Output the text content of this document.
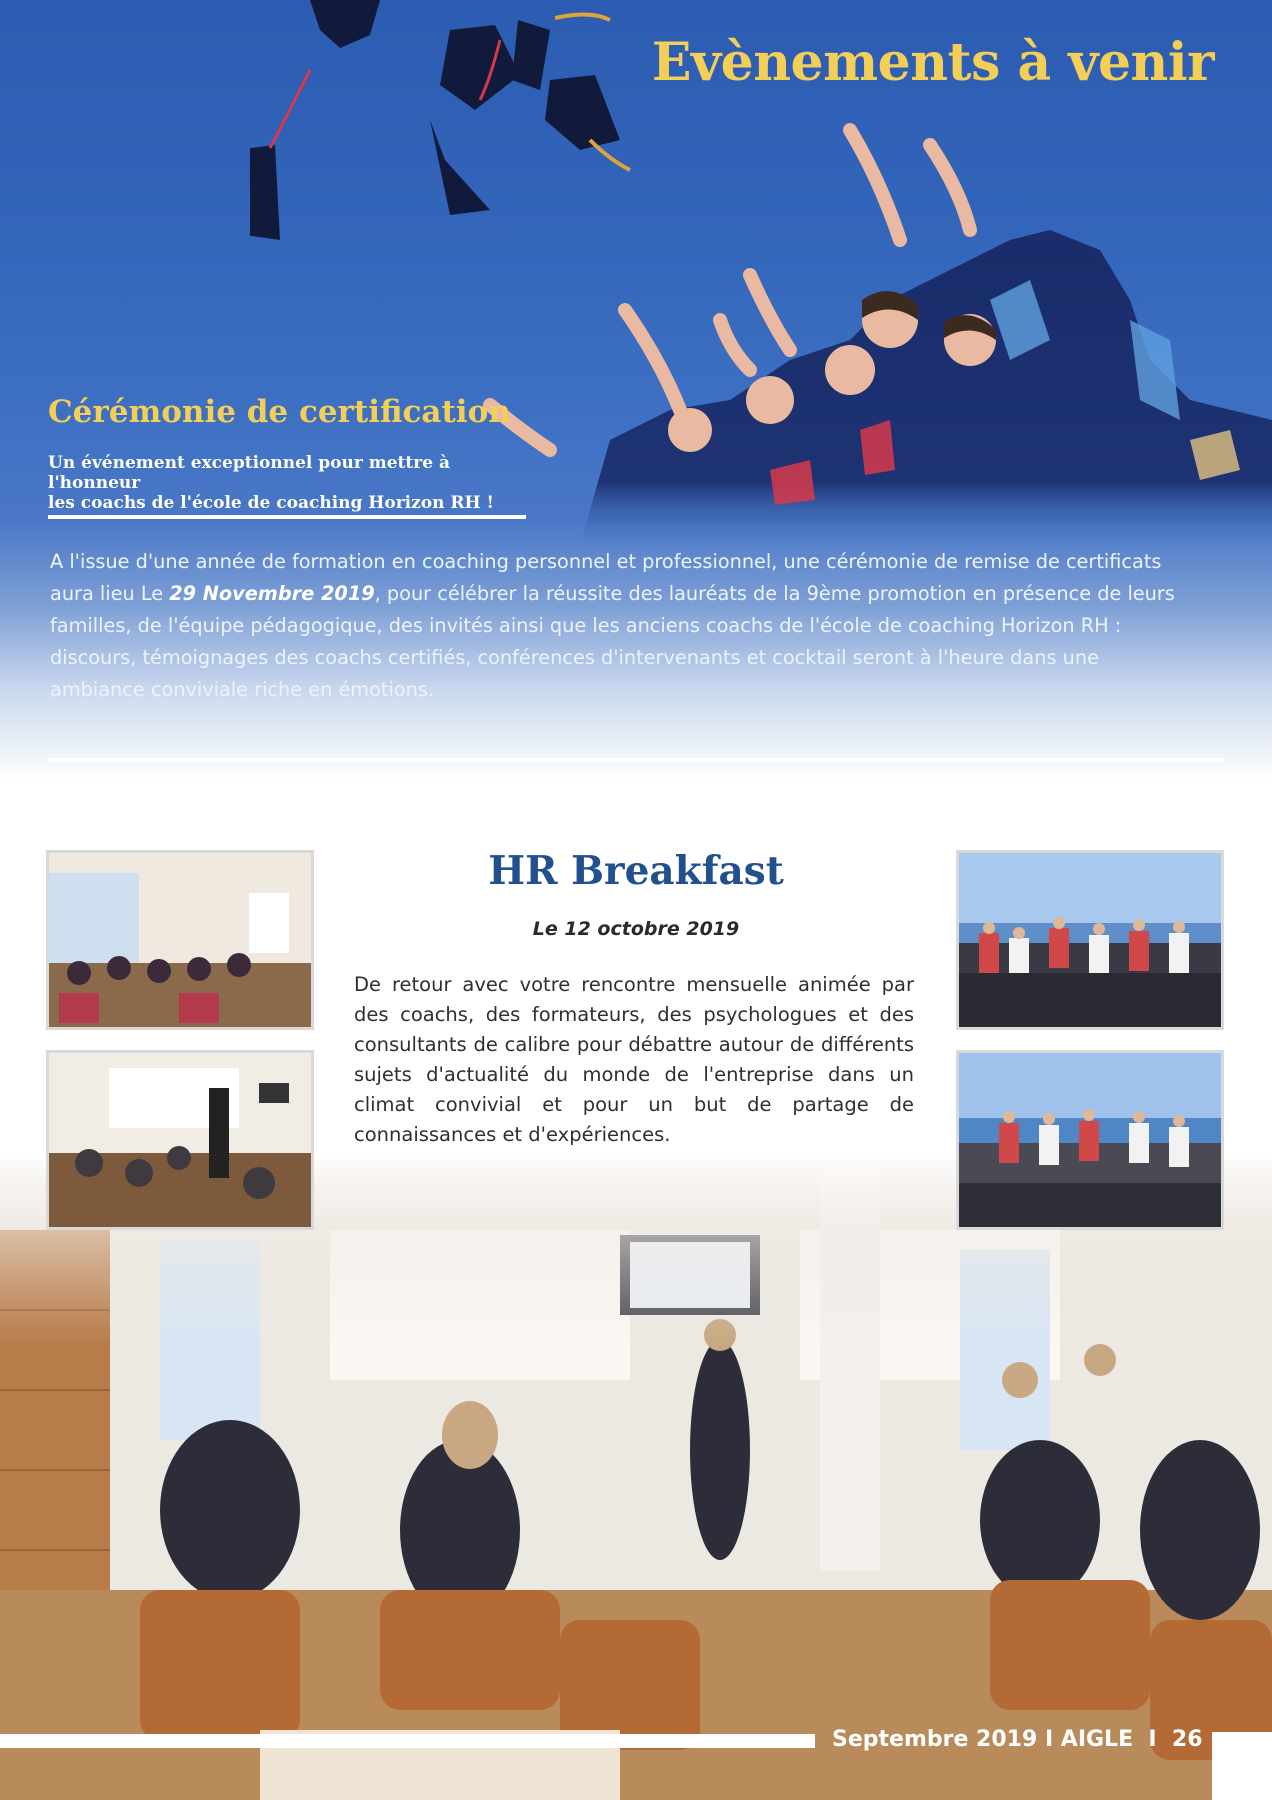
Evènements à venir
Cérémonie de certification

Un événement exceptionnel pour mettre à l'honneur
les coachs de l'école de coaching Horizon RH !

A l'issue d'une année de formation en coaching personnel et professionnel, une cérémonie de remise de certificats aura lieu Le 29 Novembre 2019, pour célébrer la réussite des lauréats de la 9ème promotion en présence de leurs familles, de l'équipe pédagogique, des invités ainsi que les anciens coachs de l'école de coaching Horizon RH : discours, témoignages des coachs certifiés, conférences d'intervenants et cocktail seront à l'heure dans une ambiance conviviale riche en émotions.

HR Breakfast

Le 12 octobre 2019

De retour avec votre rencontre mensuelle animée par des coachs, des formateurs, des psychologues et des consultants de calibre pour débattre autour de différents sujets d'actualité du monde de l'entreprise dans un climat convivial et pour un but de partage de connaissances et d'expériences.

Septembre 2019 I AIGLE  I  26
